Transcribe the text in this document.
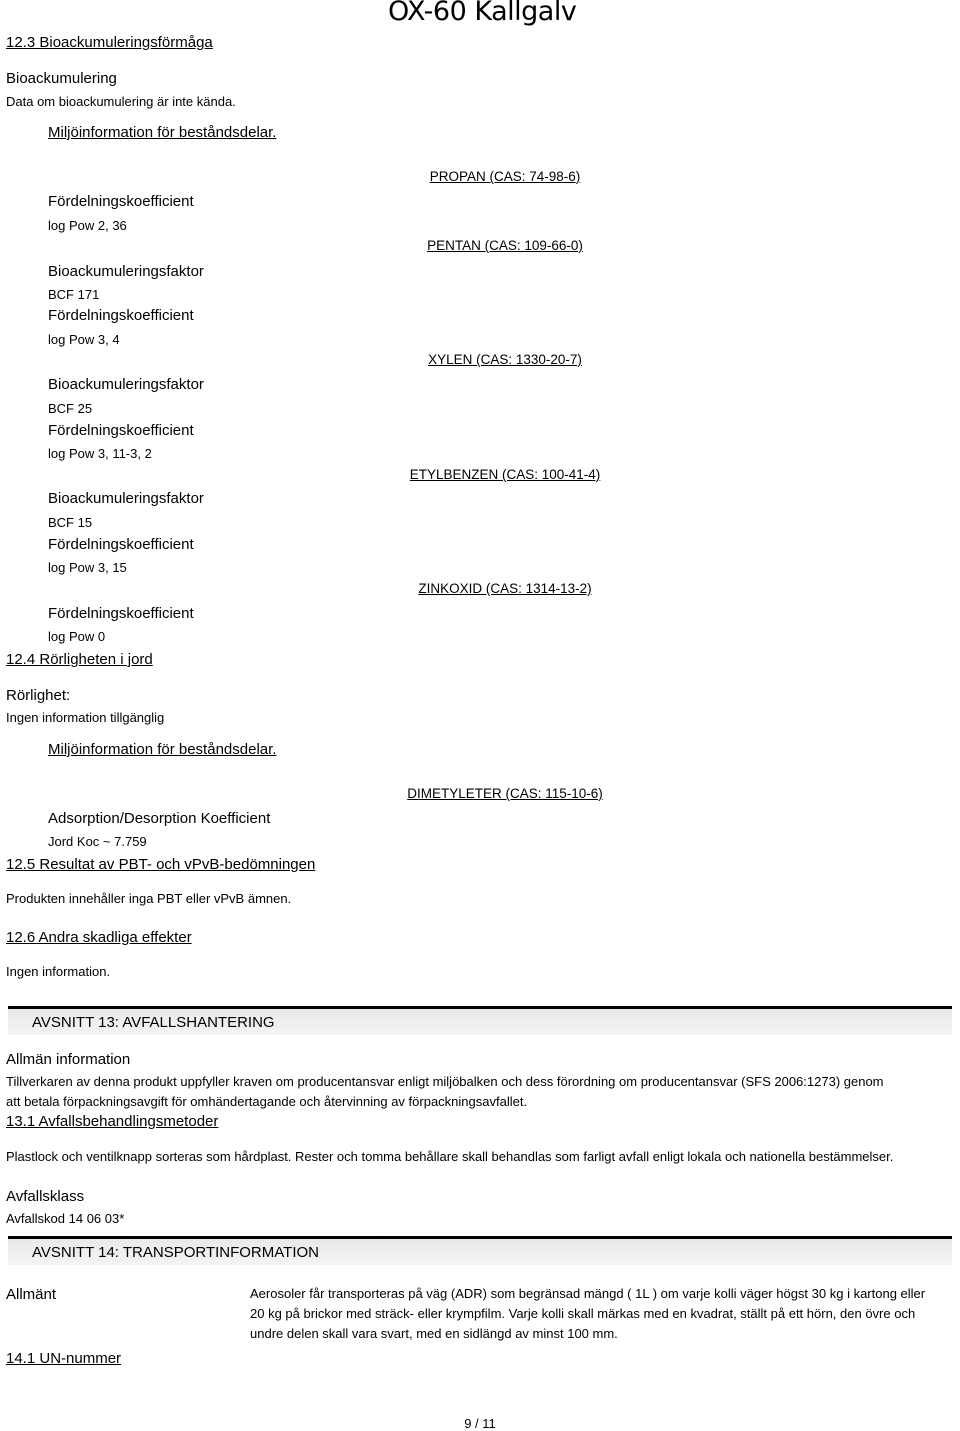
OX-60 Kallgalv
12.3 Bioackumuleringsförmåga
Bioackumulering
Data om bioackumulering är inte kända.
Miljöinformation för beståndsdelar.
Fördelningskoefficient
log Pow 2, 36
Bioackumuleringsfaktor
BCF 171
Fördelningskoefficient
log Pow 3, 4
Bioackumuleringsfaktor
BCF 25
Fördelningskoefficient
log Pow 3, 11-3, 2
Bioackumuleringsfaktor
BCF 15
Fördelningskoefficient
log Pow 3, 15
Fördelningskoefficient
log Pow 0
PROPAN (CAS: 74-98-6)
PENTAN (CAS: 109-66-0)
XYLEN (CAS: 1330-20-7)
ETYLBENZEN (CAS: 100-41-4)
ZINKOXID (CAS: 1314-13-2)
12.4 Rörligheten i jord
Rörlighet:
Ingen information tillgänglig
Miljöinformation för beståndsdelar.
DIMETYLETER (CAS: 115-10-6)
Adsorption/Desorption Koefficient
Jord Koc ~ 7.759
12.5 Resultat av PBT- och vPvB-bedömningen
Produkten innehåller inga PBT eller vPvB ämnen.
12.6 Andra skadliga effekter
Ingen information.
AVSNITT 13: AVFALLSHANTERING
Allmän information
Tillverkaren av denna produkt uppfyller kraven om producentansvar enligt miljöbalken och dess förordning om producentansvar (SFS 2006:1273) genom att betala förpackningsavgift för omhändertagande och återvinning av förpackningsavfallet.
13.1 Avfallsbehandlingsmetoder
Plastlock och ventilknapp sorteras som hårdplast. Rester och tomma behållare skall behandlas som farligt avfall enligt lokala och nationella bestämmelser.
Avfallsklass
Avfallskod 14 06 03*
AVSNITT 14: TRANSPORTINFORMATION
Allmänt	Aerosoler får transporteras på väg (ADR) som begränsad mängd ( 1L ) om varje kolli väger högst 30 kg i kartong eller 20 kg på brickor med sträck- eller krympfilm. Varje kolli skall märkas med en kvadrat, ställt på ett hörn, den övre och undre delen skall vara svart, med en sidlängd av minst 100 mm.
14.1 UN-nummer
9 / 11
